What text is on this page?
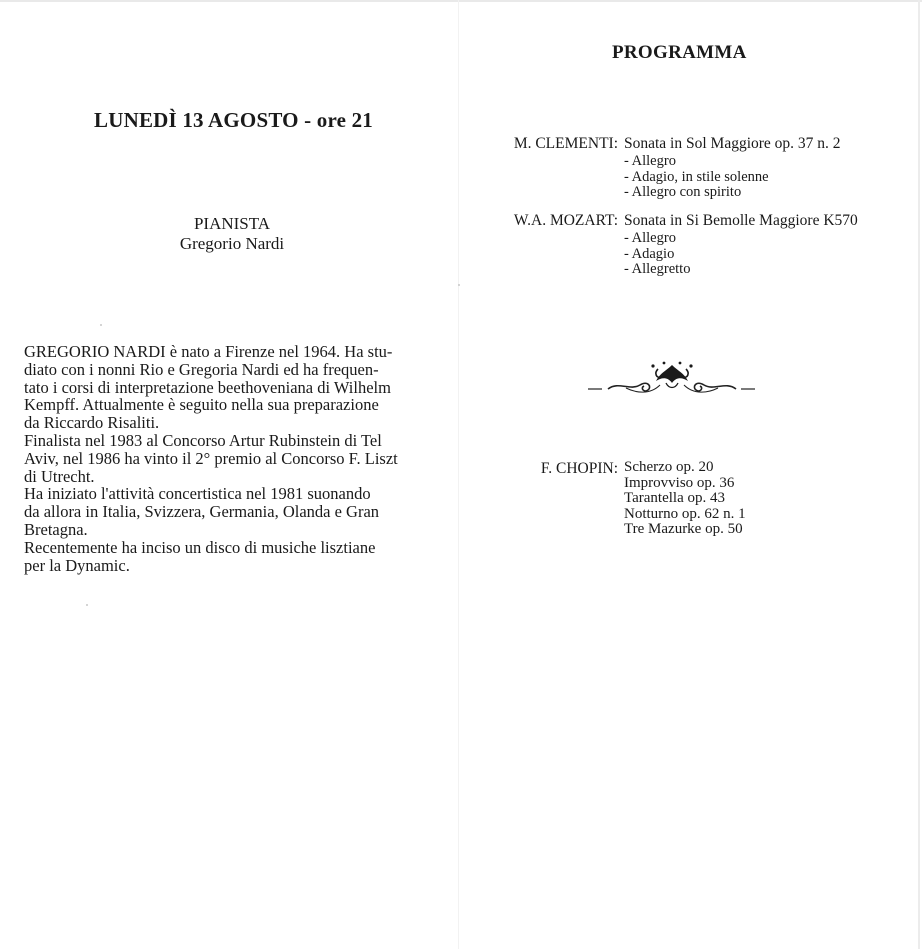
LUNEDÌ 13 AGOSTO - ore 21
PIANISTA
Gregorio Nardi

GREGORIO NARDI è nato a Firenze nel 1964. Ha stu-

diato con i nonni Rio e Gregoria Nardi ed ha frequen-

tato i corsi di interpretazione beethoveniana di Wilhelm

Kempff. Attualmente è seguito nella sua preparazione

da Riccardo Risaliti.

Finalista nel 1983 al Concorso Artur Rubinstein di Tel

Aviv, nel 1986 ha vinto il 2° premio al Concorso F. Liszt

di Utrecht.

Ha iniziato l'attività concertistica nel 1981 suonando

da allora in Italia, Svizzera, Germania, Olanda e Gran

Bretagna.

Recentemente ha inciso un disco di musiche lisztiane

per la Dynamic.

PROGRAMMA
M. CLEMENTI: Sonata in Sol Maggiore op. 37 n. 2
- Allegro
- Adagio, in stile solenne
- Allegro con spirito
W.A. MOZART: Sonata in Si Bemolle Maggiore K570
- Allegro
- Adagio
- Allegretto
F. CHOPIN: Scherzo op. 20
Improvviso op. 36
Tarantella op. 43
Notturno op. 62 n. 1
Tre Mazurke op. 50
